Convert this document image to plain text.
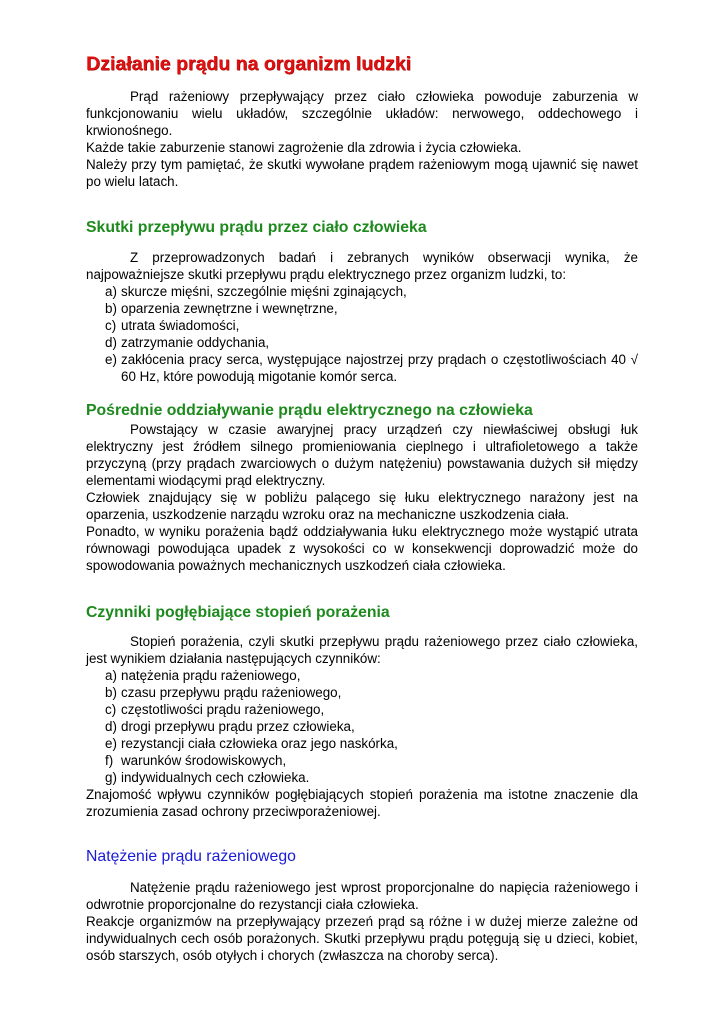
Działanie prądu na organizm ludzki

Prąd rażeniowy przepływający przez ciało człowieka powoduje zaburzenia w funkcjonowaniu wielu układów, szczególnie układów: nerwowego, oddechowego i krwionośnego.

Każde takie zaburzenie stanowi zagrożenie dla zdrowia i życia człowieka.

Należy przy tym pamiętać, że skutki wywołane prądem rażeniowym mogą ujawnić się nawet po wielu latach.

Skutki przepływu prądu przez ciało człowieka

Z przeprowadzonych badań i zebranych wyników obserwacji wynika, że najpoważniejsze skutki przepływu prądu elektrycznego przez organizm ludzki, to:

a) skurcze mięśni, szczególnie mięśni zginających,
b) oparzenia zewnętrzne i wewnętrzne,
c) utrata świadomości,
d) zatrzymanie oddychania,
e) zakłócenia pracy serca, występujące najostrzej przy prądach o częstotliwościach 40 √ 60 Hz, które powodują migotanie komór serca.
Pośrednie oddziaływanie prądu elektrycznego na człowieka

Powstający w czasie awaryjnej pracy urządzeń czy niewłaściwej obsługi łuk elektryczny jest źródłem silnego promieniowania cieplnego i ultrafioletowego a także przyczyną (przy prądach zwarciowych o dużym natężeniu) powstawania dużych sił między elementami wiodącymi prąd elektryczny.

Człowiek znajdujący się w pobliżu palącego się łuku elektrycznego narażony jest na oparzenia, uszkodzenie narządu wzroku oraz na mechaniczne uszkodzenia ciała.

Ponadto, w wyniku porażenia bądź oddziaływania łuku elektrycznego może wystąpić utrata równowagi powodująca upadek z wysokości co w konsekwencji doprowadzić może do spowodowania poważnych mechanicznych uszkodzeń ciała człowieka.

Czynniki pogłębiające stopień porażenia

Stopień porażenia, czyli skutki przepływu prądu rażeniowego przez ciało człowieka, jest wynikiem działania następujących czynników:

a) natężenia prądu rażeniowego,
b) czasu przepływu prądu rażeniowego,
c) częstotliwości prądu rażeniowego,
d) drogi przepływu prądu przez człowieka,
e) rezystancji ciała człowieka oraz jego naskórka,
f) warunków środowiskowych,
g) indywidualnych cech człowieka.

Znajomość wpływu czynników pogłębiających stopień porażenia ma istotne znaczenie dla zrozumienia zasad ochrony przeciwporażeniowej.

Natężenie prądu rażeniowego

Natężenie prądu rażeniowego jest wprost proporcjonalne do napięcia rażeniowego i odwrotnie proporcjonalne do rezystancji ciała człowieka.

Reakcje organizmów na przepływający przezeń prąd są różne i w dużej mierze zależne od indywidualnych cech osób porażonych. Skutki przepływu prądu potęgują się u dzieci, kobiet, osób starszych, osób otyłych i chorych (zwłaszcza na choroby serca).
